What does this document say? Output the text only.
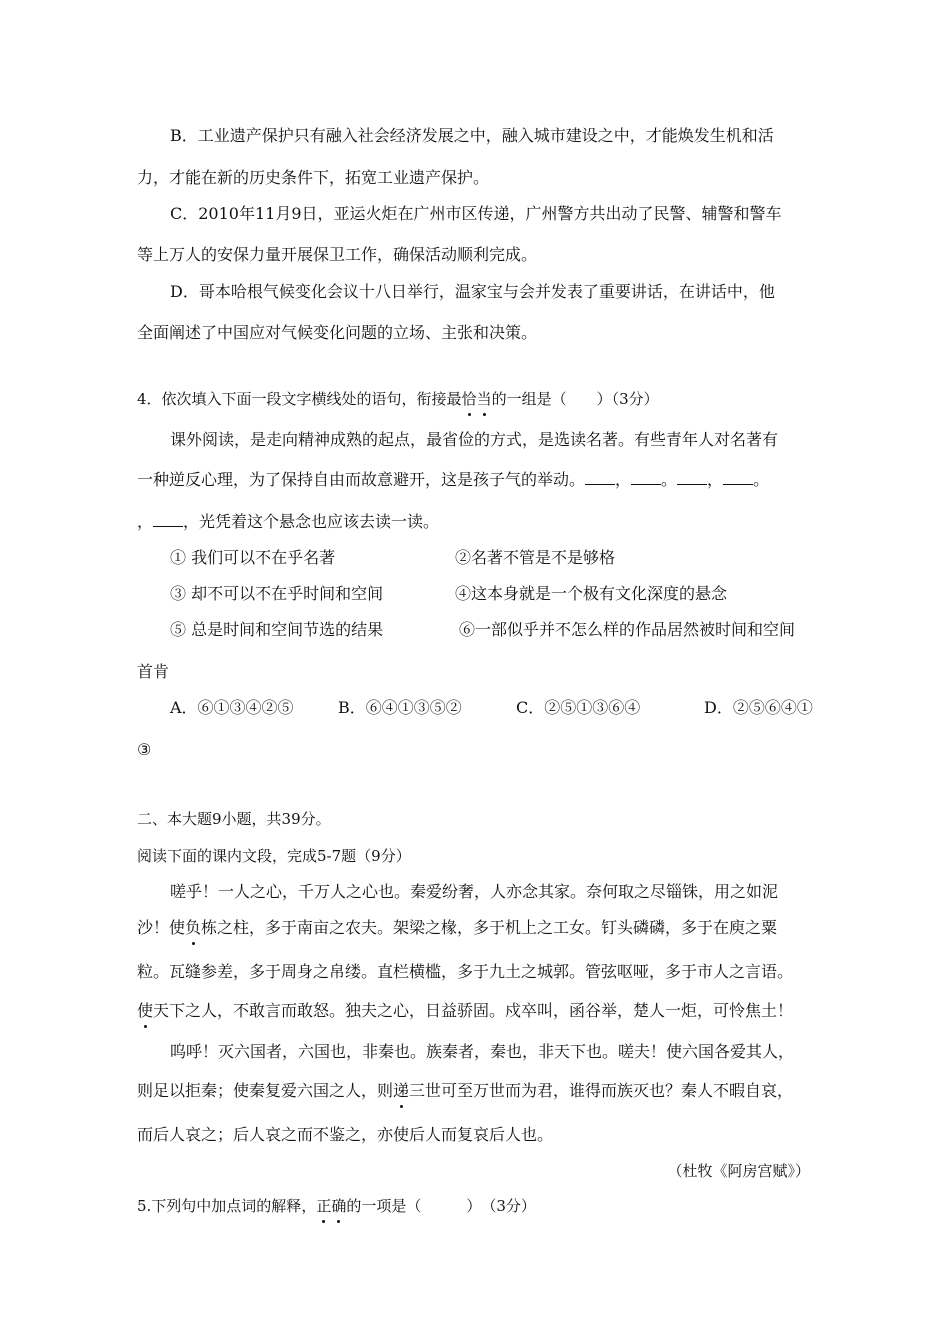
B．工业遗产保护只有融入社会经济发展之中，融入城市建设之中，才能焕发生机和活
力，才能在新的历史条件下，拓宽工业遗产保护。
C．2010年11月9日，亚运火炬在广州市区传递，广州警方共出动了民警、辅警和警车
等上万人的安保力量开展保卫工作，确保活动顺利完成。
D．哥本哈根气候变化会议十八日举行，温家宝与会并发表了重要讲话，在讲话中，他
全面阐述了中国应对气候变化问题的立场、主张和决策。
4．依次填入下面一段文字横线处的语句，衔接最恰当的一组是（　　）（3分）
课外阅读，是走向精神成熟的起点，最省俭的方式，是选读名著。有些青年人对名著有
一种逆反心理，为了保持自由而故意避开，这是孩子气的举动。 ， 。 ， 。
， ，光凭着这个悬念也应该去读一读。
① 我们可以不在乎名著	②名著不管是不是够格
③ 却不可以不在乎时间和空间	④这本身就是一个极有文化深度的悬念
⑤ 总是时间和空间节选的结果	⑥一部似乎并不怎么样的作品居然被时间和空间
首肯
A．⑥①③④②⑤	B．⑥④①③⑤②	C．②⑤①③⑥④	D．②⑤⑥④①
③
二、本大题9小题，共39分。
阅读下面的课内文段，完成5-7题（9分）
嗟乎！一人之心，千万人之心也。秦爱纷奢，人亦念其家。奈何取之尽锱铢，用之如泥
沙！使负栋之柱，多于南亩之农夫。架梁之椽，多于机上之工女。钉头磷磷，多于在庾之粟
粒。瓦缝参差，多于周身之帛缕。直栏横槛，多于九土之城郭。管弦呕哑，多于市人之言语。
使天下之人，不敢言而敢怒。独夫之心，日益骄固。戍卒叫，函谷举，楚人一炬，可怜焦土！
呜呼！灭六国者，六国也，非秦也。族秦者，秦也，非天下也。嗟夫！使六国各爱其人，
则足以拒秦；使秦复爱六国之人，则递三世可至万世而为君，谁得而族灭也？秦人不暇自哀，
而后人哀之；后人哀之而不鉴之，亦使后人而复哀后人也。
（杜牧《阿房宫赋》）
5.下列句中加点词的解释，正确的一项是（　　　）　（3分）
